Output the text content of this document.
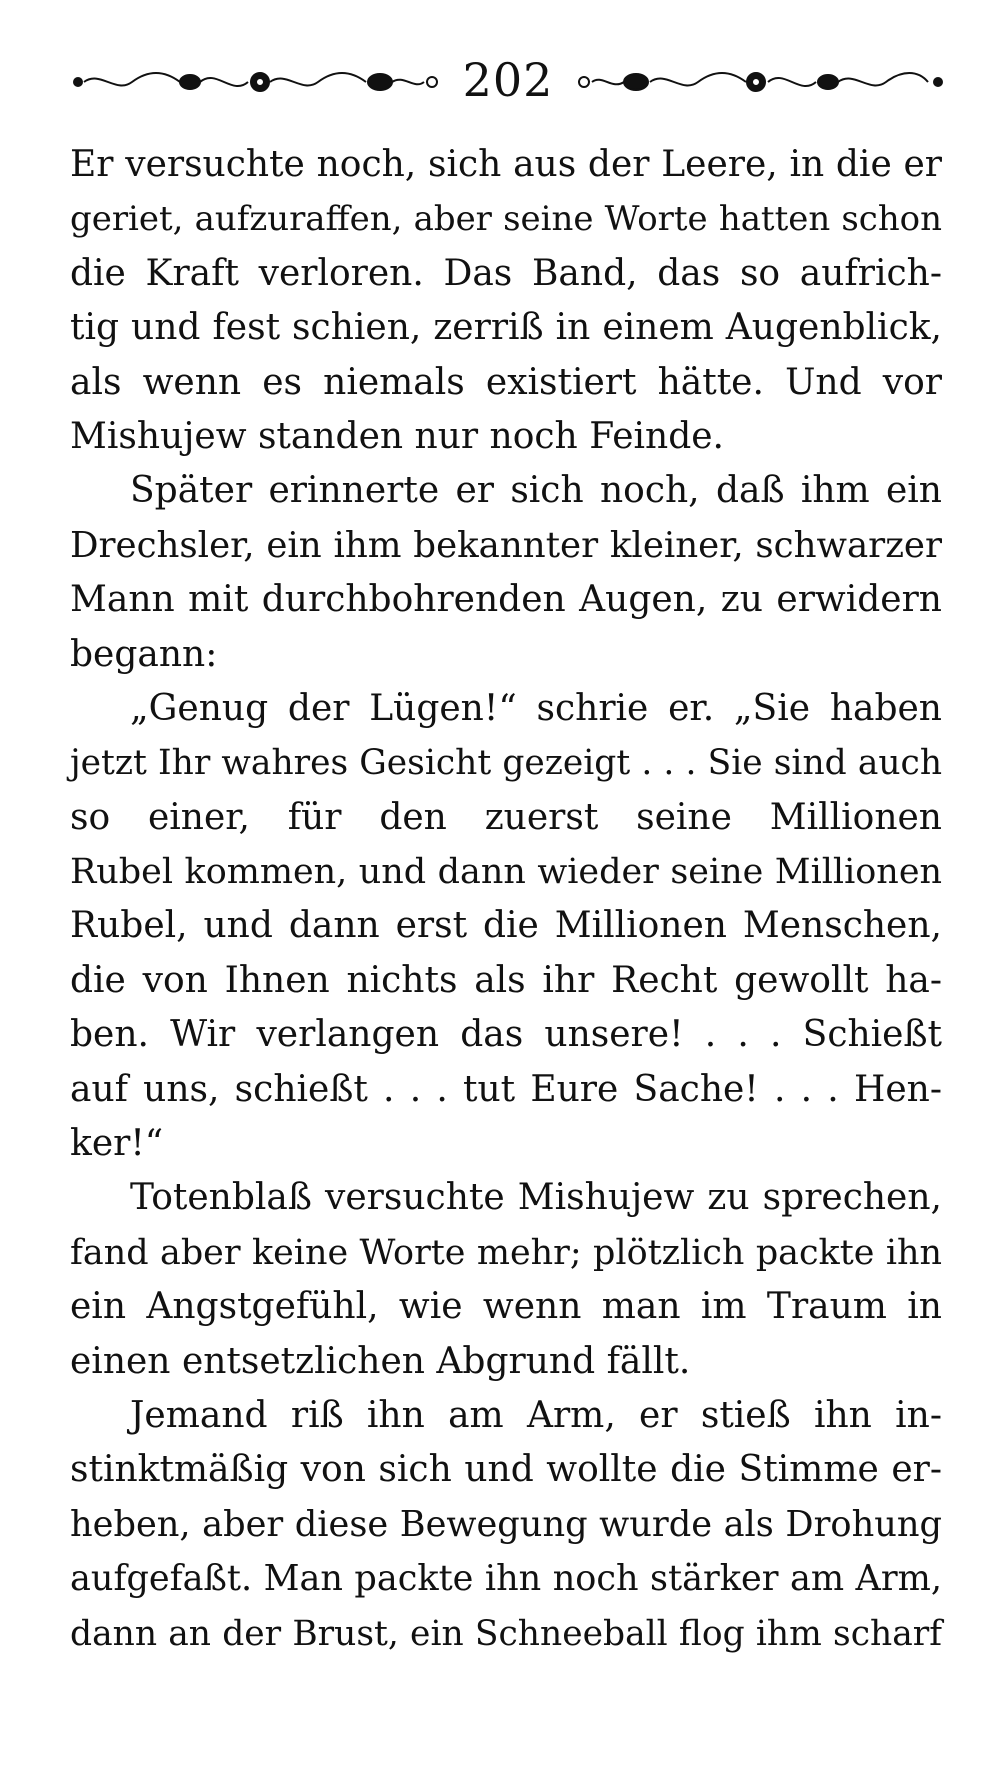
202
Er versuchte noch, sich aus der Leere, in die er
geriet, aufzuraffen, aber seine Worte hatten schon
die Kraft verloren. Das Band, das so aufrich-
tig und fest schien, zerriß in einem Augenblick,
als wenn es niemals existiert hätte. Und vor
Mishujew standen nur noch Feinde.
Später erinnerte er sich noch, daß ihm ein
Drechsler, ein ihm bekannter kleiner, schwarzer
Mann mit durchbohrenden Augen, zu erwidern
begann:
„Genug der Lügen!“ schrie er. „Sie haben
jetzt Ihr wahres Gesicht gezeigt . . . Sie sind auch
so einer, für den zuerst seine Millionen
Rubel kommen, und dann wieder seine Millionen
Rubel, und dann erst die Millionen Menschen,
die von Ihnen nichts als ihr Recht gewollt ha-
ben. Wir verlangen das unsere! . . . Schießt
auf uns, schießt . . . tut Eure Sache! . . . Hen-
ker!“
Totenblaß versuchte Mishujew zu sprechen,
fand aber keine Worte mehr; plötzlich packte ihn
ein Angstgefühl, wie wenn man im Traum in
einen entsetzlichen Abgrund fällt.
Jemand riß ihn am Arm, er stieß ihn in-
stinktmäßig von sich und wollte die Stimme er-
heben, aber diese Bewegung wurde als Drohung
aufgefaßt. Man packte ihn noch stärker am Arm,
dann an der Brust, ein Schneeball flog ihm scharf
